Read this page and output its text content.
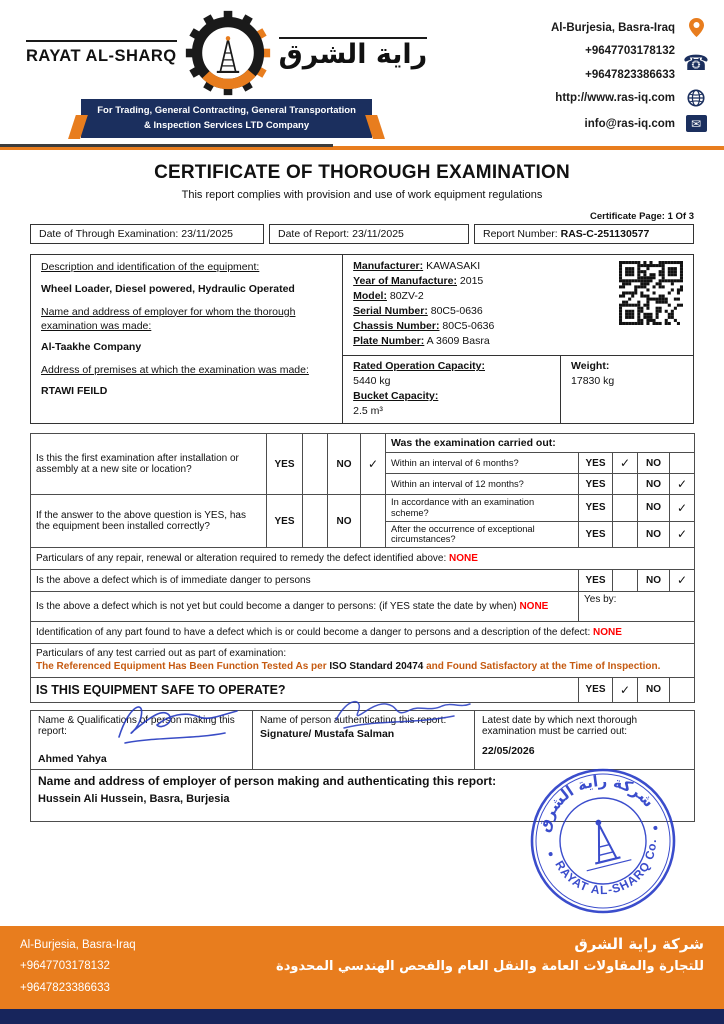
RAYAT AL-SHARQ	راية الشرق
For Trading, General Contracting, General Transportation
& Inspection Services LTD Company
Al-Burjesia, Basra-Iraq
+9647703178132
+9647823386633
☎
http://www.ras-iq.com
info@ras-iq.com	✉
CERTIFICATE OF THOROUGH EXAMINATION
This report complies with provision and use of work equipment regulations
Certificate Page: 1 Of 3
Date of Through Examination: 23/11/2025	Date of Report: 23/11/2025	Report Number: RAS-C-251130577
Description and identification of the equipment:
Wheel Loader, Diesel powered, Hydraulic Operated
Name and address of employer for whom the thorough examination was made:
Al-Taakhe Company
Address of premises at which the examination was made:
RTAWI FEILD
Manufacturer: KAWASAKI
Year of Manufacture: 2015
Model: 80ZV-2
Serial Number: 80C5-0636
Chassis Number: 80C5-0636
Plate Number: A 3609 Basra
Rated Operation Capacity:
5440 kg
Bucket Capacity:
2.5 m³
Weight:
17830 kg
Is this the first examination after installation or assembly at a new site or location?	YES		NO	✓	Was the examination carried out:				
					Within an interval of 6 months?	YES	✓	NO	
					Within an interval of 12 months?	YES		NO	✓
If the answer to the above question is YES, has the equipment been installed correctly?	YES		NO		In accordance with an examination scheme?	YES		NO	✓
					After the occurrence of exceptional circumstances?	YES		NO	✓
Particulars of any repair, renewal or alteration required to remedy the defect identified above: NONE									
Is the above a defect which is of immediate danger to persons						YES		NO	✓
Is the above a defect which is not yet but could become a danger to persons: (if YES state the date by when) NONE						Yes by:			
Identification of any part found to have a defect which is or could become a danger to persons and a description of the defect: NONE									

Particulars of any test carried out as part of examination:
The Referenced Equipment Has Been Function Tested As per ISO Standard 20474 and Found Satisfactory at the Time of Inspection.									

IS THIS EQUIPMENT SAFE TO OPERATE?						YES	✓	NO	
Name & Qualifications of person making this report:
Ahmed Yahya

Name of person authenticating this report:
Signature/ Mustafa Salman

Latest date by which next thorough examination must be carried out:
22/05/2026

Name and address of employer of person making and authenticating this report:
Hussein Ali Hussein, Basra, Burjesia
شركة راية الشرق
RAYAT AL-SHARQ Co.
Al-Burjesia, Basra-Iraq
+9647703178132
+9647823386633
شركة راية الشرق
للتجارة والمقاولات العامة والنقل العام والفحص الهندسي المحدودة
